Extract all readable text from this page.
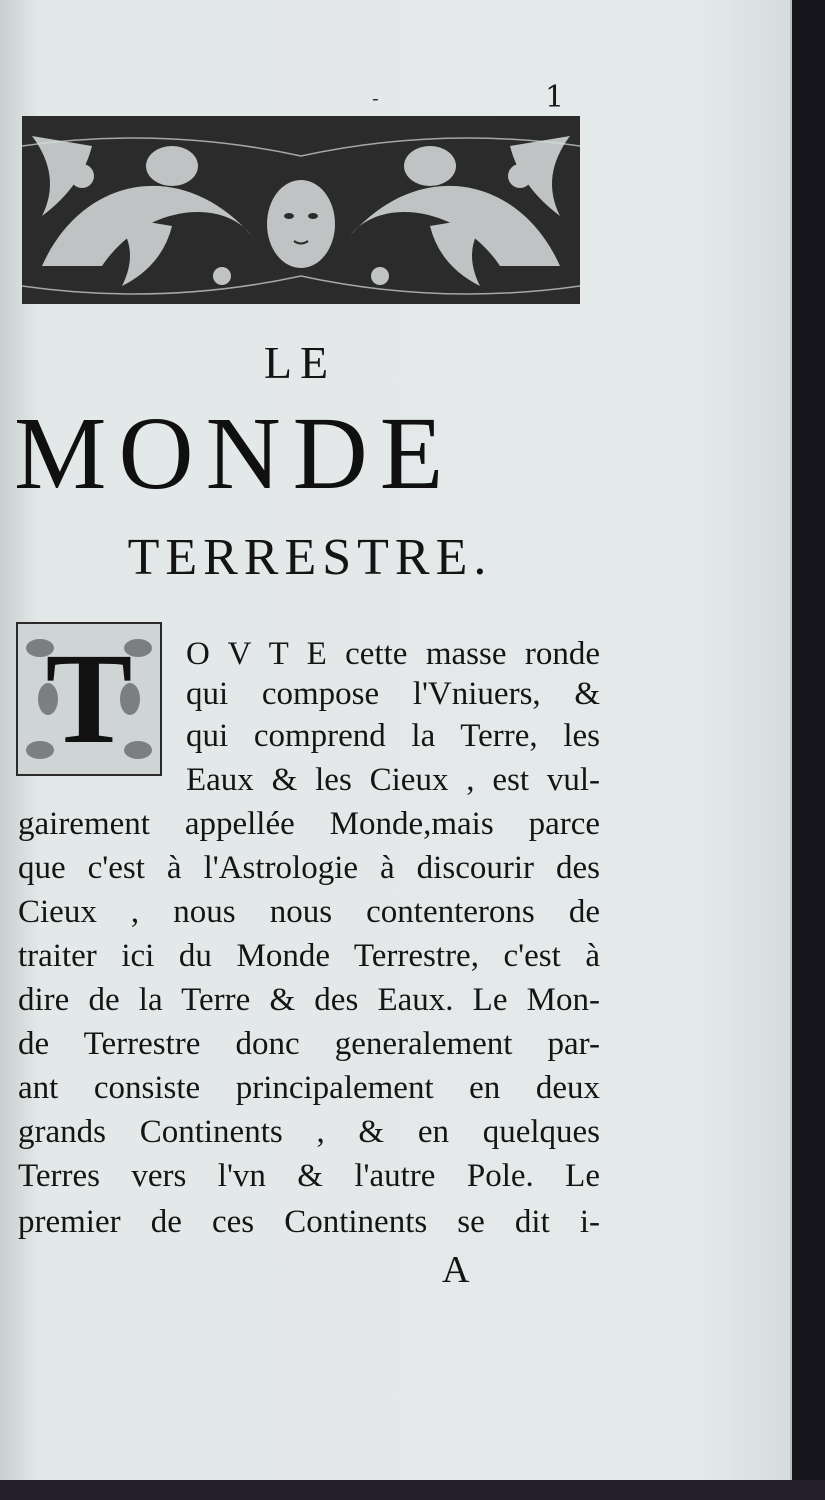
-	1
LE
MONDE
TERRESTRE.
T	O V T E cette masse ronde
qui compose l'Vniuers, &
qui comprend la Terre, les
Eaux & les Cieux , est vul-
gairement appellée Monde,mais parce
que c'est à l'Astrologie à discourir des
Cieux , nous nous contenterons de
traiter ici du Monde Terrestre, c'est à
dire de la Terre & des Eaux. Le Mon-
de Terrestre donc generalement par-
ant consiste principalement en deux
grands Continents , & en quelques
Terres vers l'vn & l'autre Pole. Le
premier de ces Continents se dit i-
A
